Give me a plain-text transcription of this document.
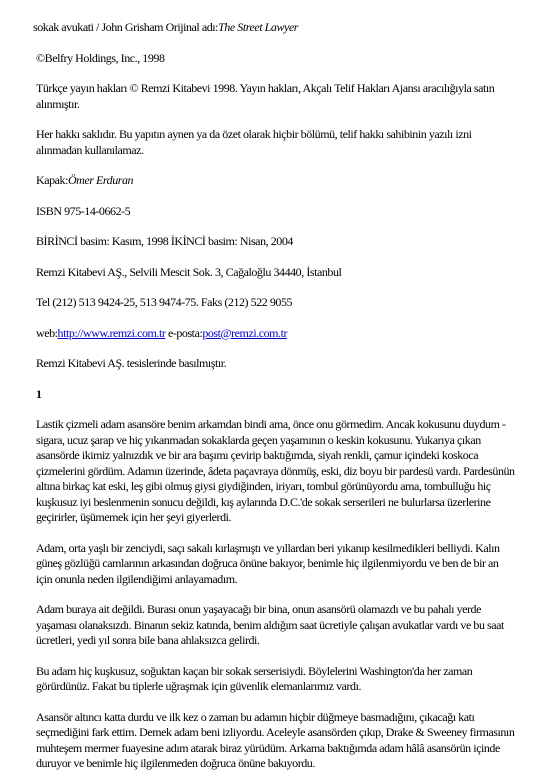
sokak avukati / John Grisham Orijinal adı:The Street Lawyer
©Belfry Holdings, Inc., 1998
Türkçe yayın hakları © Remzi Kitabevi 1998. Yayın hakları, Akçalı Telif Hakları Ajansı aracılığıyla satın alınmıştır.
Her hakkı saklıdır. Bu yapıtın aynen ya da özet olarak hiçbir bölümü, telif hakkı sahibinin yazılı izni alınmadan kullanılamaz.
Kapak:Ömer Erduran
ISBN 975-14-0662-5
BİRİNCİ basim: Kasım, 1998 İKİNCİ basim: Nisan, 2004
Remzi Kitabevi AŞ., Selvili Mescit Sok. 3, Cağaloğlu 34440, İstanbul
Tel (212) 513 9424-25, 513 9474-75. Faks (212) 522 9055
web:http://www.remzi.com.tr e-posta:post@remzi.com.tr
Remzi Kitabevi AŞ. tesislerinde basılmıştır.
1
Lastik çizmeli adam asansöre benim arkamdan bindi ama, önce onu görmedim. Ancak kokusunu duydum - sigara, ucuz şarap ve hiç yıkanmadan sokaklarda geçen yaşamının o keskin kokusunu. Yukarıya çıkan asansörde ikimiz yalnızdık ve bir ara başımı çevirip baktığımda, siyah renkli, çamur içindeki koskoca çizmelerini gördüm. Adamın üzerinde, âdeta paçavraya dönmüş, eski, diz boyu bir pardesü vardı. Pardesünün altına birkaç kat eski, leş gibi olmuş giysi giydiğinden, iriyarı, tombul görünüyordu ama, tombulluğu hiç kuşkusuz iyi beslenmenin sonucu değildi, kış aylarında D.C.'de sokak serserileri ne bulurlarsa üzerlerine geçirirler, üşümemek için her şeyi giyerlerdi.
Adam, orta yaşlı bir zenciydi, saçı sakalı kırlaşmıştı ve yıllardan beri yıkanıp kesilmedikleri belliydi. Kalın güneş gözlüğü camlarının arkasından doğruca önüne bakıyor, benimle hiç ilgilenmiyordu ve ben de bir an için onunla neden ilgilendiğimi anlayamadım.
Adam buraya ait değildi. Burası onun yaşayacağı bir bina, onun asansörü olamazdı ve bu pahalı yerde yaşaması olanaksızdı. Binanın sekiz katında, benim aldığım saat ücretiyle çalışan avukatlar vardı ve bu saat ücretleri, yedi yıl sonra bile bana ahlaksızca gelirdi.
Bu adam hiç kuşkusuz, soğuktan kaçan bir sokak serserisiydi. Böylelerini Washington'da her zaman görürdünüz. Fakat bu tiplerle uğraşmak için güvenlik elemanlarımız vardı.
Asansör altıncı katta durdu ve ilk kez o zaman bu adamın hiçbir düğmeye basmadığını, çıkacağı katı seçmediğini fark ettim. Demek adam beni izliyordu. Aceleyle asansörden çıkıp, Drake & Sweeney firmasının muhteşem mermer fuayesine adım atarak biraz yürüdüm. Arkama baktığımda adam hâlâ asansörün içinde duruyor ve benimle hiç ilgilenmeden doğruca önüne bakıyordu.
